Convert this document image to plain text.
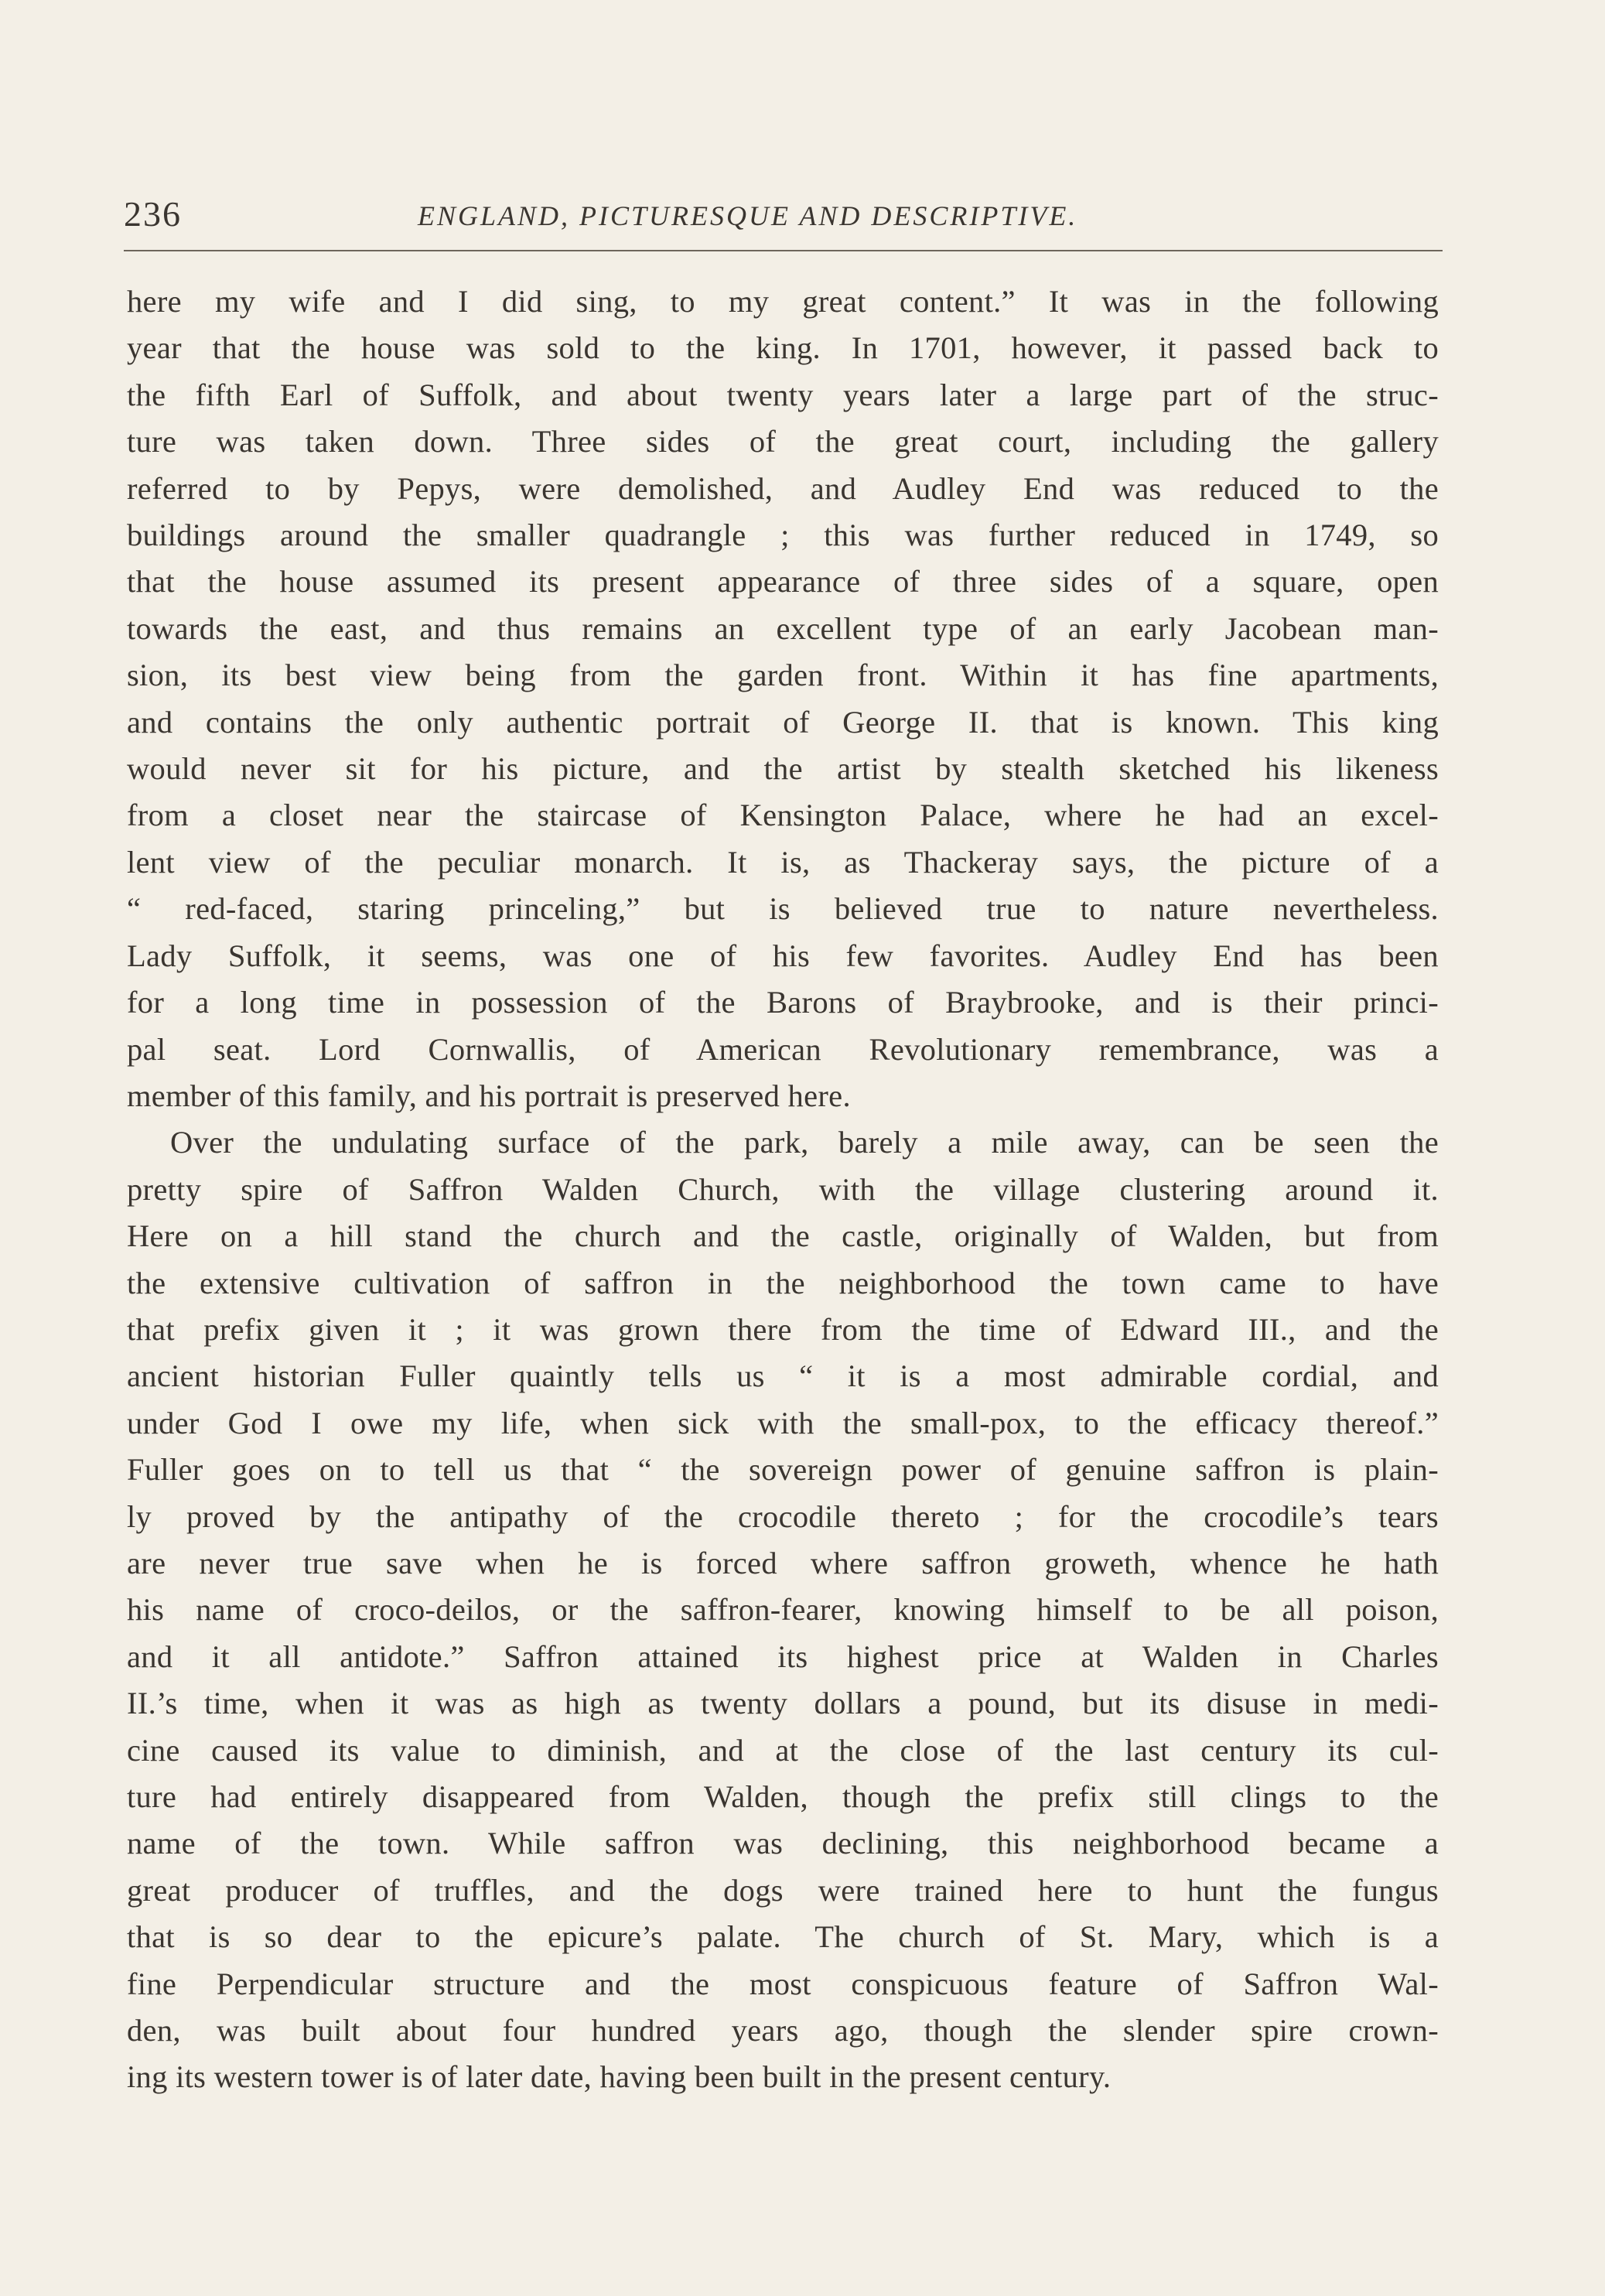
236	ENGLAND, PICTURESQUE AND DESCRIPTIVE.
here my wife and I did sing, to my great content.” It was in the following
year that the house was sold to the king. In 1701, however, it passed back to
the fifth Earl of Suffolk, and about twenty years later a large part of the struc-
ture was taken down. Three sides of the great court, including the gallery
referred to by Pepys, were demolished, and Audley End was reduced to the
buildings around the smaller quadrangle ; this was further reduced in 1749, so
that the house assumed its present appearance of three sides of a square, open
towards the east, and thus remains an excellent type of an early Jacobean man-
sion, its best view being from the garden front. Within it has fine apartments,
and contains the only authentic portrait of George II. that is known. This king
would never sit for his picture, and the artist by stealth sketched his likeness
from a closet near the staircase of Kensington Palace, where he had an excel-
lent view of the peculiar monarch. It is, as Thackeray says, the picture of a
“ red-faced, staring princeling,” but is believed true to nature nevertheless.
Lady Suffolk, it seems, was one of his few favorites. Audley End has been
for a long time in possession of the Barons of Braybrooke, and is their princi-
pal seat. Lord Cornwallis, of American Revolutionary remembrance, was a
member of this family, and his portrait is preserved here.
Over the undulating surface of the park, barely a mile away, can be seen the
pretty spire of Saffron Walden Church, with the village clustering around it.
Here on a hill stand the church and the castle, originally of Walden, but from
the extensive cultivation of saffron in the neighborhood the town came to have
that prefix given it ; it was grown there from the time of Edward III., and the
ancient historian Fuller quaintly tells us “ it is a most admirable cordial, and
under God I owe my life, when sick with the small-pox, to the efficacy thereof.”
Fuller goes on to tell us that “ the sovereign power of genuine saffron is plain-
ly proved by the antipathy of the crocodile thereto ; for the crocodile’s tears
are never true save when he is forced where saffron groweth, whence he hath
his name of croco-deilos, or the saffron-fearer, knowing himself to be all poison,
and it all antidote.” Saffron attained its highest price at Walden in Charles
II.’s time, when it was as high as twenty dollars a pound, but its disuse in medi-
cine caused its value to diminish, and at the close of the last century its cul-
ture had entirely disappeared from Walden, though the prefix still clings to the
name of the town. While saffron was declining, this neighborhood became a
great producer of truffles, and the dogs were trained here to hunt the fungus
that is so dear to the epicure’s palate. The church of St. Mary, which is a
fine Perpendicular structure and the most conspicuous feature of Saffron Wal-
den, was built about four hundred years ago, though the slender spire crown-
ing its western tower is of later date, having been built in the present century.
